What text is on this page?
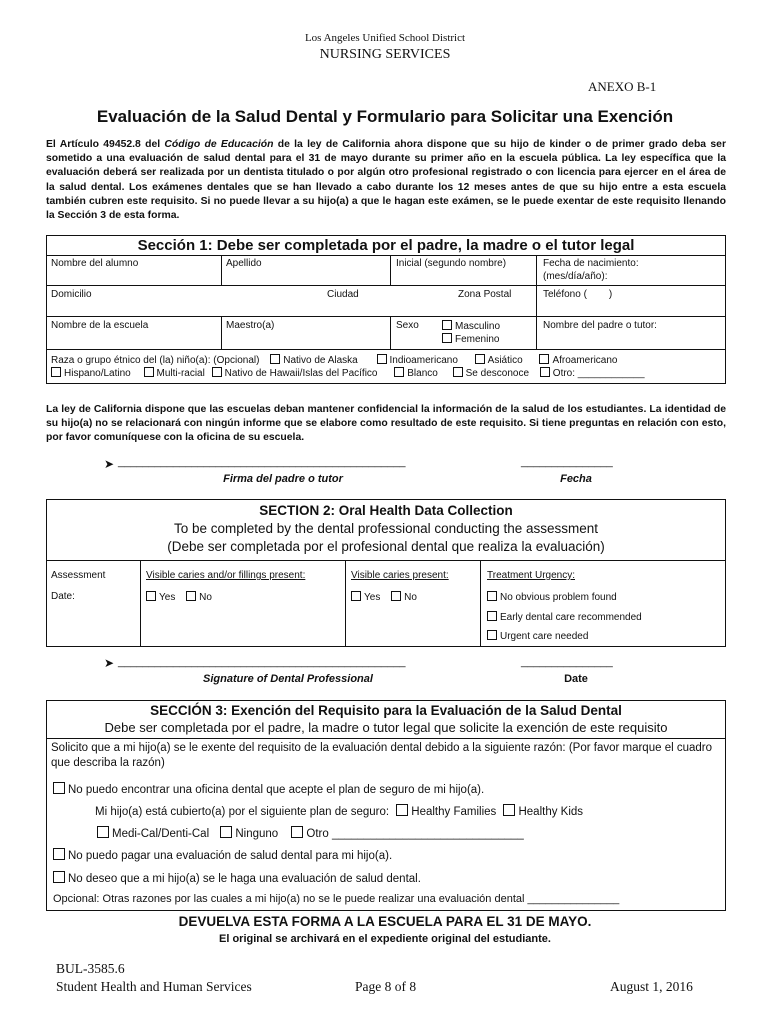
Los Angeles Unified School District
NURSING SERVICES
ANEXO B-1
Evaluación de la Salud Dental y Formulario para Solicitar una Exención
El Artículo 49452.8 del Código de Educación de la ley de California ahora dispone que su hijo de kinder o de primer grado deba ser sometido a una evaluación de salud dental para el 31 de mayo durante su primer año en la escuela pública. La ley específica que la evaluación deberá ser realizada por un dentista titulado o por algún otro profesional registrado o con licencia para ejercer en el área de la salud dental. Los exámenes dentales que se han llevado a cabo durante los 12 meses antes de que su hijo entre a esta escuela también cubren este requisito. Si no puede llevar a su hijo(a) a que le hagan este exámen, se le puede exentar de este requisito llenando la Sección 3 de esta forma.
Sección 1: Debe ser completada por el padre, la madre o el tutor legal
Nombre del alumno	Apellido	Inicial (segundo nombre)	Fecha de nacimiento:
(mes/día/año):
Domicilio	Ciudad	Zona Postal	Teléfono ( )
Nombre de la escuela	Maestro(a)	Sexo	Masculino
Femenino
Nombre del padre o tutor:
Raza o grupo étnico del (la) niño(a): (Opcional) Nativo de Alaska	Indioamericano	Asiático	Afroamericano
Hispano/Latino	Multi-racial Nativo de Hawaii/Islas del Pacífico	Blanco	Se desconoce Otro: ____________
La ley de California dispone que las escuelas deban mantener confidencial la información de la salud de los estudiantes. La identidad de su hijo(a) no se relacionará con ningún informe que se elabore como resultado de este requisito. Si tiene preguntas en relación con esto, por favor comuníquese con la oficina de su escuela.
➤ _______________________________________________	_______________
Firma del padre o tutor	Fecha
SECTION 2: Oral Health Data Collection
To be completed by the dental professional conducting the assessment
(Debe ser completada por el profesional dental que realiza la evaluación)
Assessment
Date:
Visible caries and/or fillings present:
Yes No
Visible caries present:
Yes No
Treatment Urgency:
No obvious problem found
Early dental care recommended
Urgent care needed
➤ _______________________________________________	_______________
Signature of Dental Professional	Date
SECCIÓN 3: Exención del Requisito para la Evaluación de la Salud Dental
Debe ser completada por el padre, la madre o tutor legal que solicite la exención de este requisito
Solicito que a mi hijo(a) se le exente del requisito de la evaluación dental debido a la siguiente razón: (Por favor marque el cuadro que describa la razón)
No puedo encontrar una oficina dental que acepte el plan de seguro de mi hijo(a).
Mi hijo(a) está cubierto(a) por el siguiente plan de seguro: Healthy Families Healthy Kids
Medi-Cal/Denti-Cal Ninguno Otro ______________________________
No puedo pagar una evaluación de salud dental para mi hijo(a).
No deseo que a mi hijo(a) se le haga una evaluación de salud dental.
Opcional: Otras razones por las cuales a mi hijo(a) no se le puede realizar una evaluación dental _______________
DEVUELVA ESTA FORMA A LA ESCUELA PARA EL 31 DE MAYO.
El original se archivará en el expediente original del estudiante.
BUL-3585.6
Student Health and Human Services	Page 8 of 8	August 1, 2016
